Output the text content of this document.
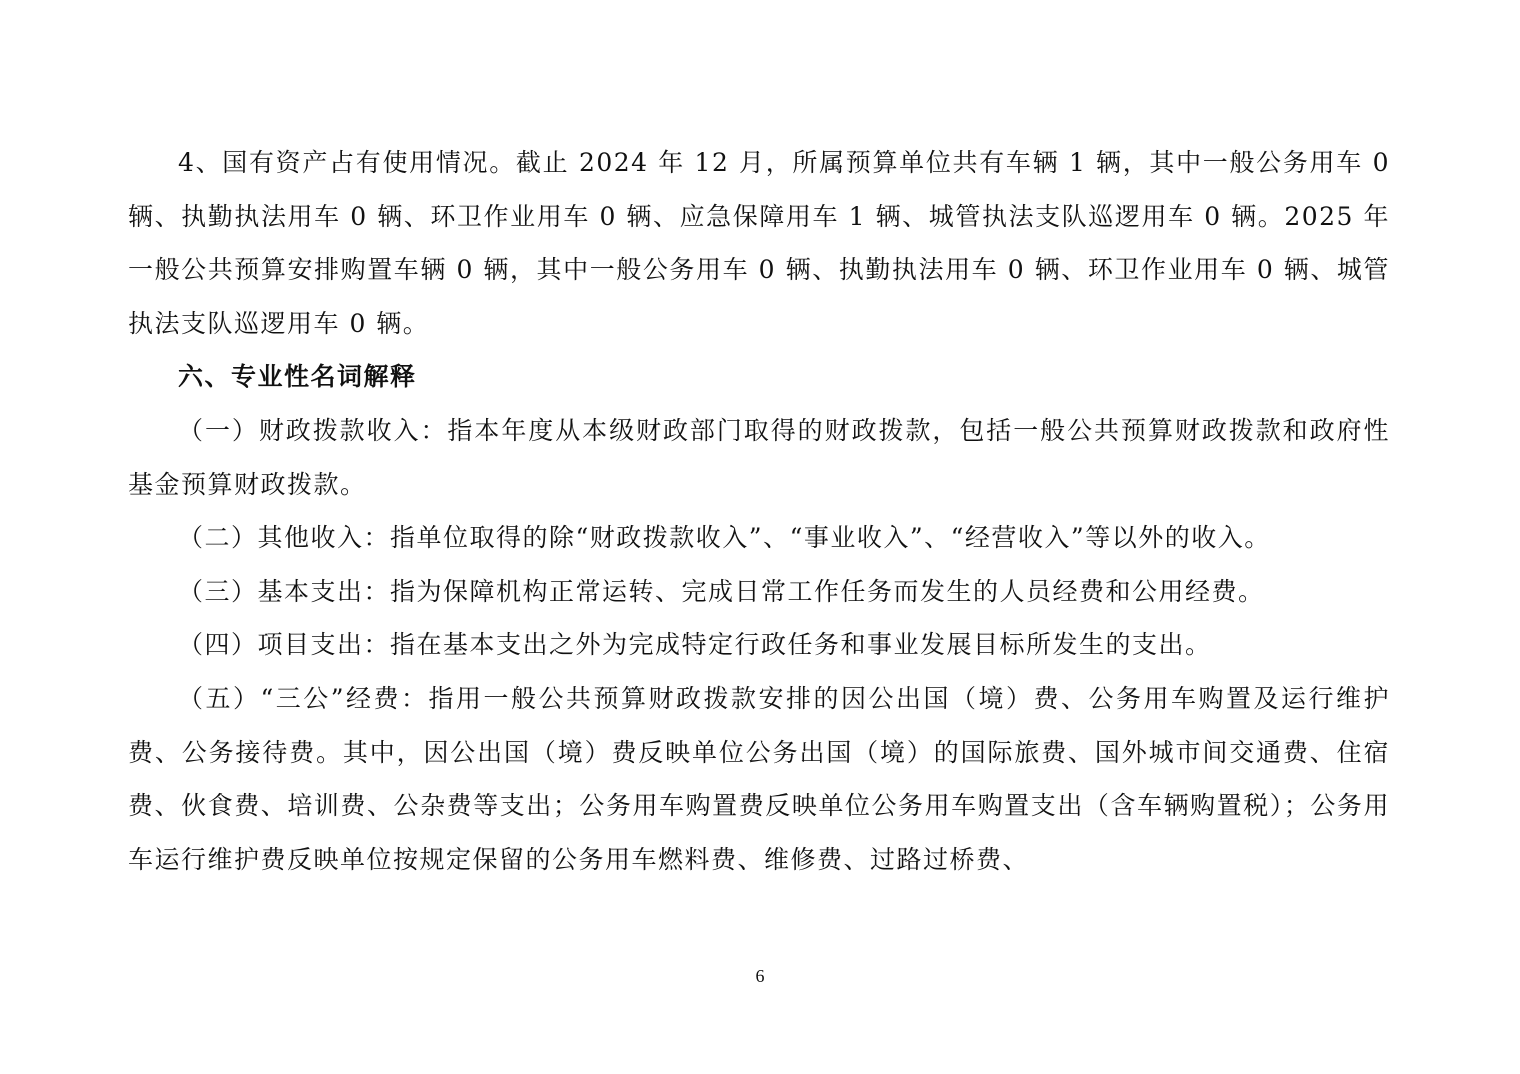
4、国有资产占有使用情况。截止 2024 年 12 月，所属预算单位共有车辆 1 辆，其中一般公务用车 0 辆、执勤执法用车 0 辆、环卫作业用车 0 辆、应急保障用车 1 辆、城管执法支队巡逻用车 0 辆。2025 年一般公共预算安排购置车辆 0 辆，其中一般公务用车 0 辆、执勤执法用车 0 辆、环卫作业用车 0 辆、城管执法支队巡逻用车 0 辆。

六、专业性名词解释

（一）财政拨款收入：指本年度从本级财政部门取得的财政拨款，包括一般公共预算财政拨款和政府性基金预算财政拨款。

（二）其他收入：指单位取得的除“财政拨款收入”、“事业收入”、“经营收入”等以外的收入。

（三）基本支出：指为保障机构正常运转、完成日常工作任务而发生的人员经费和公用经费。

（四）项目支出：指在基本支出之外为完成特定行政任务和事业发展目标所发生的支出。

（五）“三公”经费：指用一般公共预算财政拨款安排的因公出国（境）费、公务用车购置及运行维护费、公务接待费。其中，因公出国（境）费反映单位公务出国（境）的国际旅费、国外城市间交通费、住宿费、伙食费、培训费、公杂费等支出；公务用车购置费反映单位公务用车购置支出（含车辆购置税）；公务用车运行维护费反映单位按规定保留的公务用车燃料费、维修费、过路过桥费、

6
